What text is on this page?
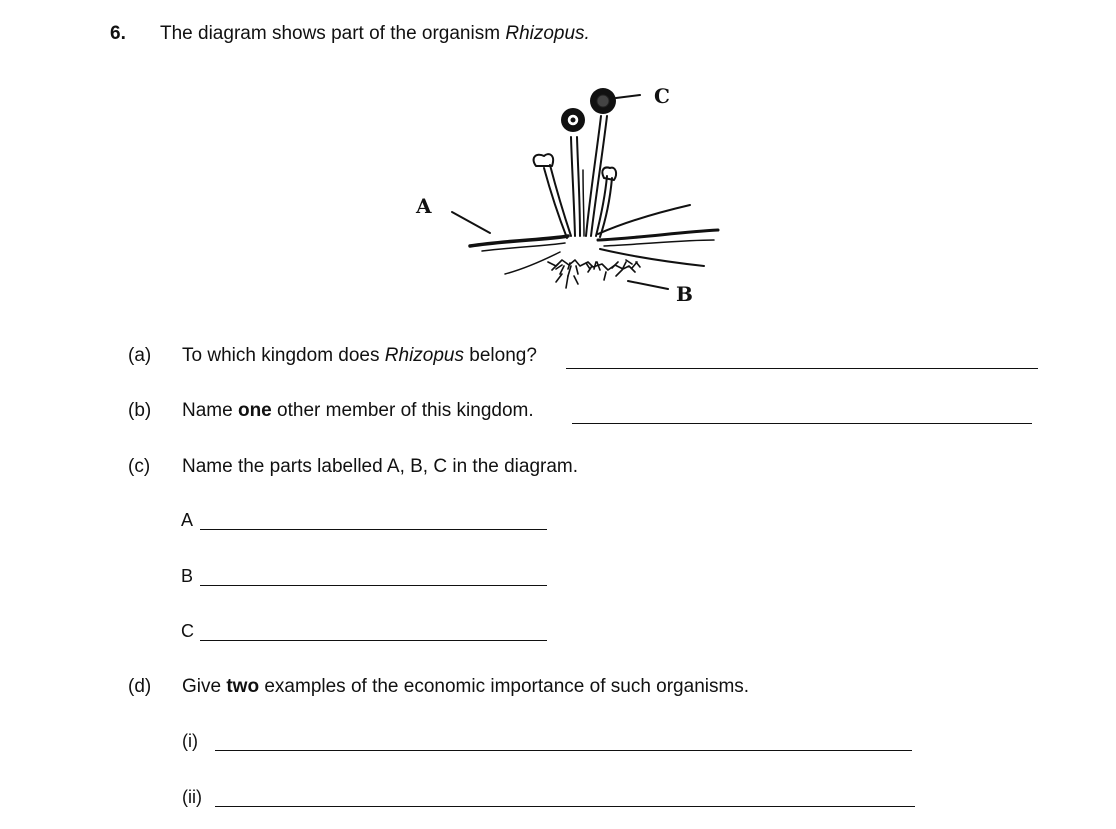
6. The diagram shows part of the organism Rhizopus.
A
B
C
(a) To which kingdom does Rhizopus belong?
(b) Name one other member of this kingdom.
(c) Name the parts labelled A, B, C in the diagram.
A
B
C
(d) Give two examples of the economic importance of such organisms.
(i)
(ii)
